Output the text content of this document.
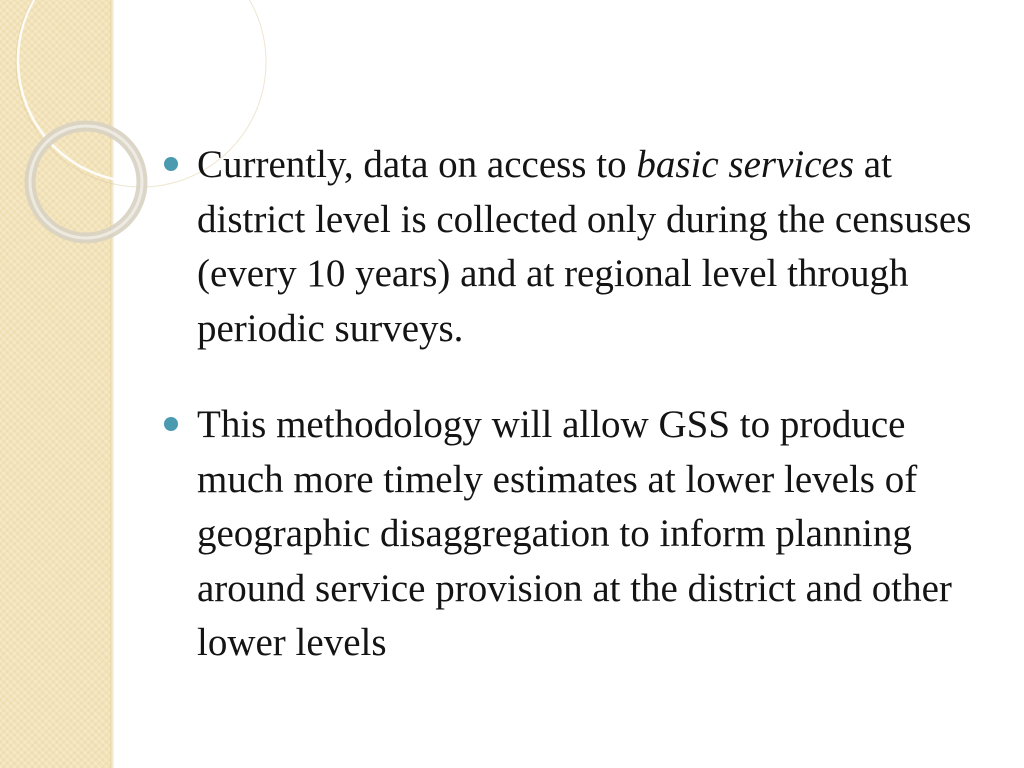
Currently, data on access to basic services at district level is collected only during the censuses (every 10 years) and at regional level through periodic surveys.
This methodology will allow GSS to produce much more timely estimates at lower levels of geographic disaggregation to inform planning around service provision at the district and other lower levels
